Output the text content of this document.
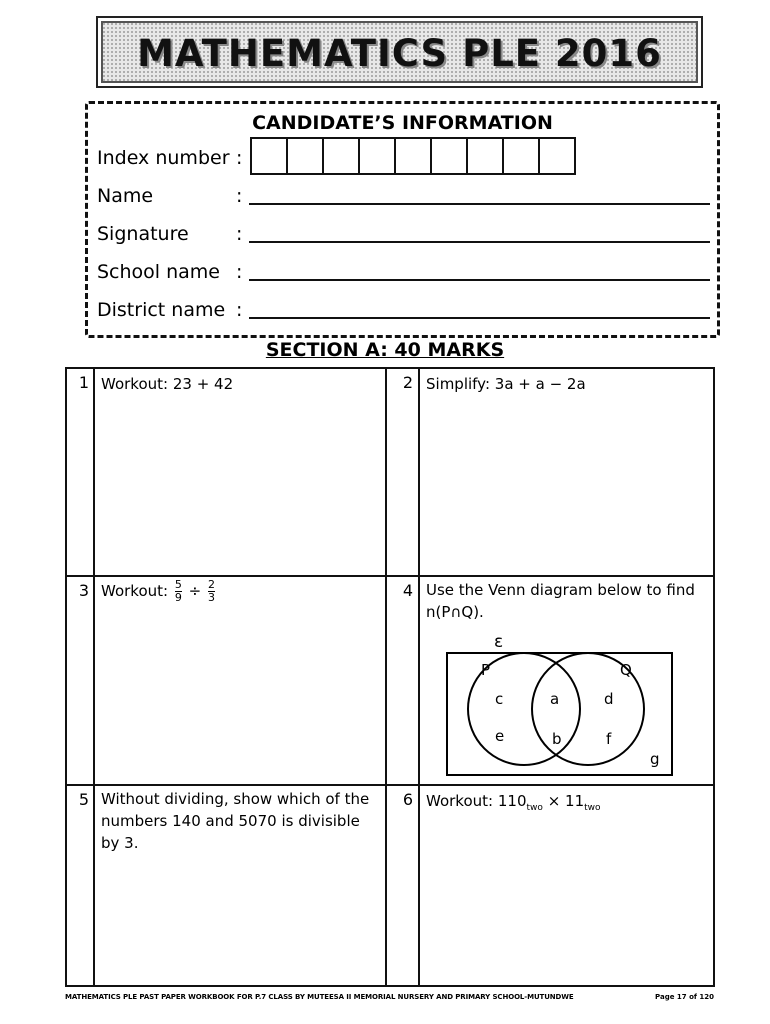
MATHEMATICS PLE 2016
CANDIDATE’S INFORMATION
Index number :
Name	:
Signature :
School name :
District name :
SECTION A: 40 MARKS
1 Workout: 23 + 42	2 Simplify: 3a + a − 2a
3 Workout: $\frac{5}{9} \div \frac{2}{3}$	4 Use the Venn diagram below to find n(P∩Q).
ε
P	Q
c
e
a
b
d
f
g
5 Without dividing, show which of the numbers 140 and 5070 is divisible by 3.
6 Workout: $110_{two} \times 11_{two}$
MATHEMATICS PLE PAST PAPER WORKBOOK FOR P.7 CLASS BY MUTEESA II MEMORIAL NURSERY AND PRIMARY SCHOOL-MUTUNDWE	Page 17 of 120
